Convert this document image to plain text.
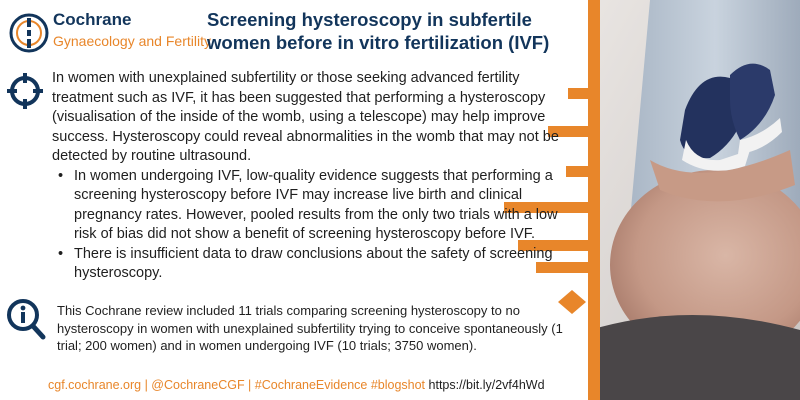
Cochrane
Gynaecology and Fertility
Screening hysteroscopy in subfertile women before in vitro fertilization (IVF)

In women with unexplained subfertility or those seeking advanced fertility treatment such as IVF, it has been suggested that performing a hysteroscopy (visualisation of the inside of the womb, using a telescope) may help improve success. Hysteroscopy could reveal abnormalities in the womb that may not be detected by routine ultrasound.

• In women undergoing IVF, low-quality evidence suggests that performing a screening hysteroscopy before IVF may increase live birth and clinical pregnancy rates. However, pooled results from the only two trials with a low risk of bias did not show a benefit of screening hysteroscopy before IVF.
• There is insufficient data to draw conclusions about the safety of screening hysteroscopy.
This Cochrane review included 11 trials comparing screening hysteroscopy to no hysteroscopy in women with unexplained subfertility trying to conceive spontaneously (1 trial; 200 women) and in women undergoing IVF (10 trials; 3750 women).
cgf.cochrane.org | @CochraneCGF | #CochraneEvidence #blogshot https://bit.ly/2vf4hWd
